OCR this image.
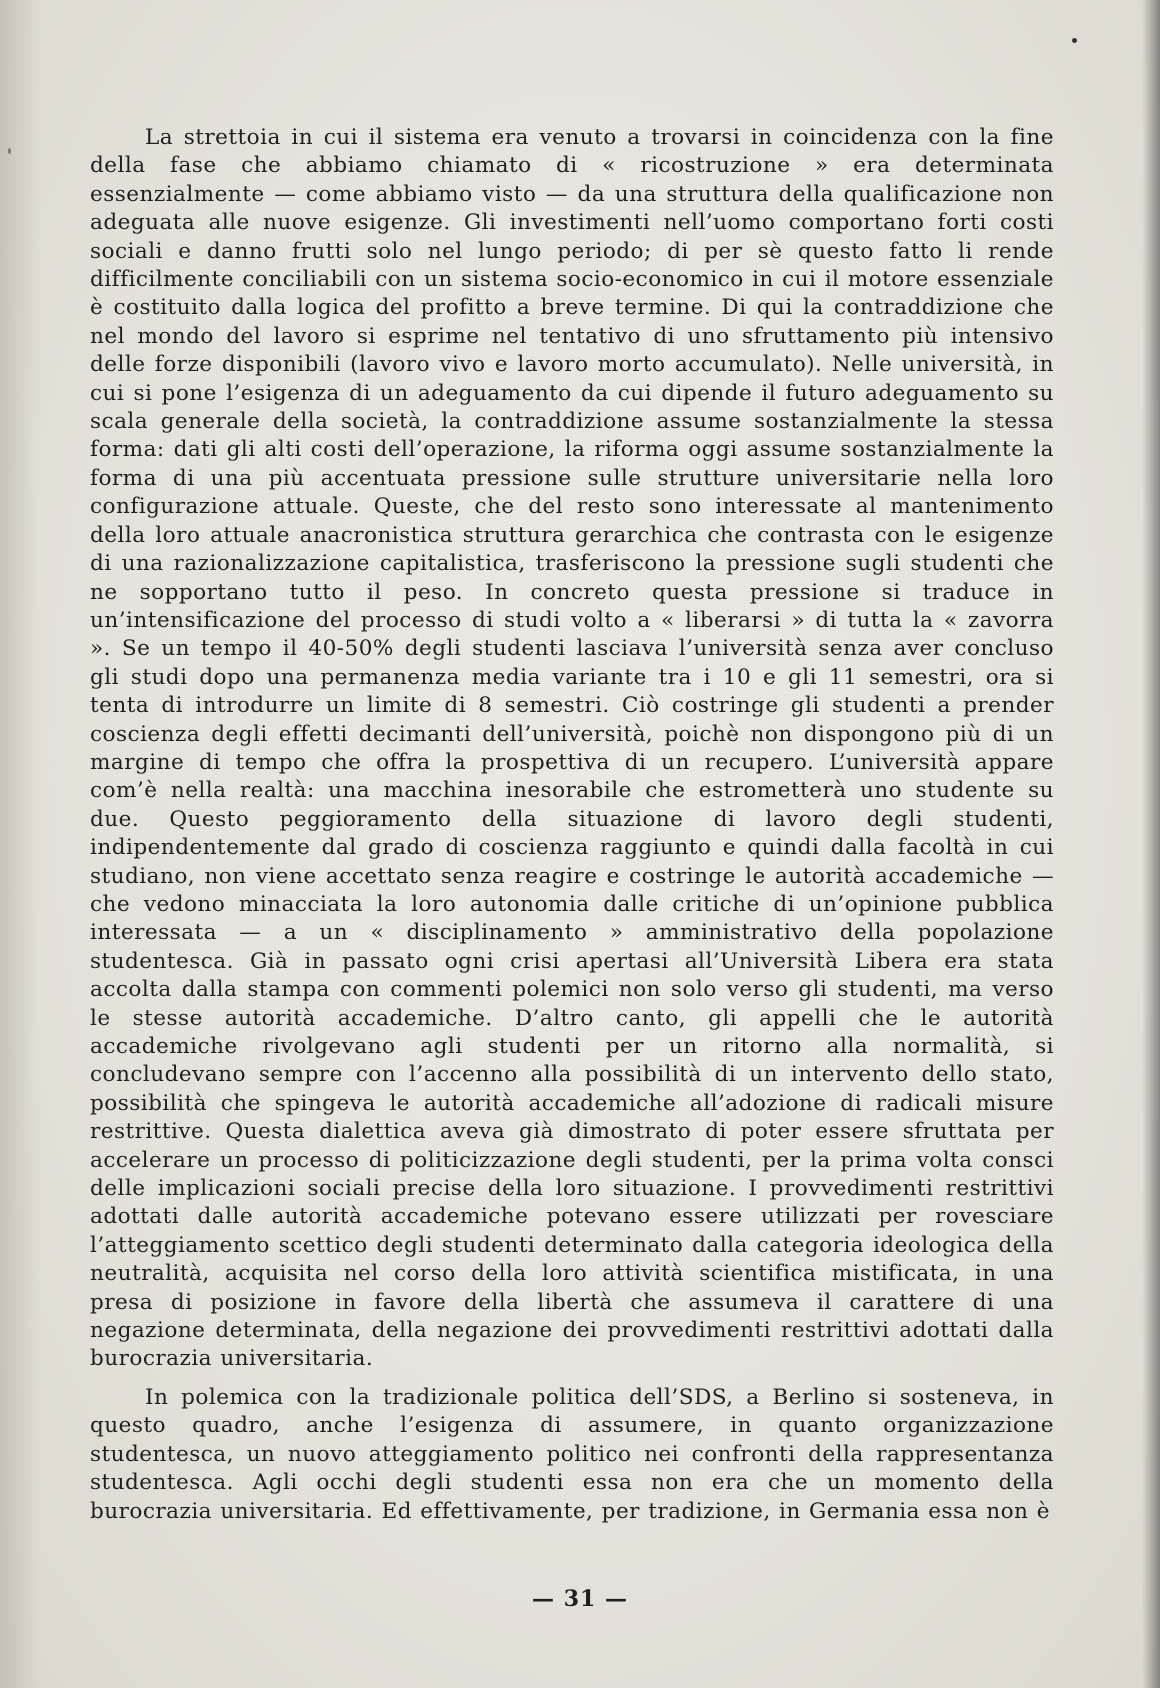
La strettoia in cui il sistema era venuto a trovarsi in coincidenza con la fine della fase che abbiamo chiamato di « ricostruzione » era determinata essenzialmente — come abbiamo visto — da una struttura della qualificazione non adeguata alle nuove esigenze. Gli investimenti nell’uomo comportano forti costi sociali e danno frutti solo nel lungo periodo; di per sè questo fatto li rende difficilmente conciliabili con un sistema socio-economico in cui il motore essenziale è costituito dalla logica del profitto a breve termine. Di qui la contraddizione che nel mondo del lavoro si esprime nel tentativo di uno sfruttamento più intensivo delle forze disponibili (lavoro vivo e lavoro morto accumulato). Nelle università, in cui si pone l’esigenza di un adeguamento da cui dipende il futuro adeguamento su scala generale della società, la contraddizione assume sostanzialmente la stessa forma: dati gli alti costi dell’operazione, la riforma oggi assume sostanzialmente la forma di una più accentuata pressione sulle strutture universitarie nella loro configurazione attuale. Queste, che del resto sono interessate al mantenimento della loro attuale anacronistica struttura gerarchica che contrasta con le esigenze di una razionalizzazione capitalistica, trasferiscono la pressione sugli studenti che ne sopportano tutto il peso. In concreto questa pressione si traduce in un’intensificazione del processo di studi volto a « liberarsi » di tutta la « zavorra ». Se un tempo il 40-50% degli studenti lasciava l’università senza aver concluso gli studi dopo una permanenza media variante tra i 10 e gli 11 semestri, ora si tenta di introdurre un limite di 8 semestri. Ciò costringe gli studenti a prender coscienza degli effetti decimanti dell’università, poichè non dispongono più di un margine di tempo che offra la prospettiva di un recupero. L’università appare com’è nella realtà: una macchina inesorabile che estrometterà uno studente su due. Questo peggioramento della situazione di lavoro degli studenti, indipendentemente dal grado di coscienza raggiunto e quindi dalla facoltà in cui studiano, non viene accettato senza reagire e costringe le autorità accademiche — che vedono minacciata la loro autonomia dalle critiche di un’opinione pubblica interessata — a un « disciplinamento » amministrativo della popolazione studentesca. Già in passato ogni crisi apertasi all’Università Libera era stata accolta dalla stampa con commenti polemici non solo verso gli studenti, ma verso le stesse autorità accademiche. D’altro canto, gli appelli che le autorità accademiche rivolgevano agli studenti per un ritorno alla normalità, si concludevano sempre con l’accenno alla possibilità di un intervento dello stato, possibilità che spingeva le autorità accademiche all’adozione di radicali misure restrittive. Questa dialettica aveva già dimostrato di poter essere sfruttata per accelerare un processo di politicizzazione degli studenti, per la prima volta consci delle implicazioni sociali precise della loro situazione. I provvedimenti restrittivi adottati dalle autorità accademiche potevano essere utilizzati per rovesciare l’atteggiamento scettico degli studenti determinato dalla categoria ideologica della neutralità, acquisita nel corso della loro attività scientifica mistificata, in una presa di posizione in favore della libertà che assumeva il carattere di una negazione determinata, della negazione dei provvedimenti restrittivi adottati dalla burocrazia universitaria.

In polemica con la tradizionale politica dell’SDS, a Berlino si sosteneva, in questo quadro, anche l’esigenza di assumere, in quanto organizzazione studentesca, un nuovo atteggiamento politico nei confronti della rappresentanza studentesca. Agli occhi degli studenti essa non era che un momento della burocrazia universitaria. Ed effettivamente, per tradizione, in Germania essa non è

— 31 —
